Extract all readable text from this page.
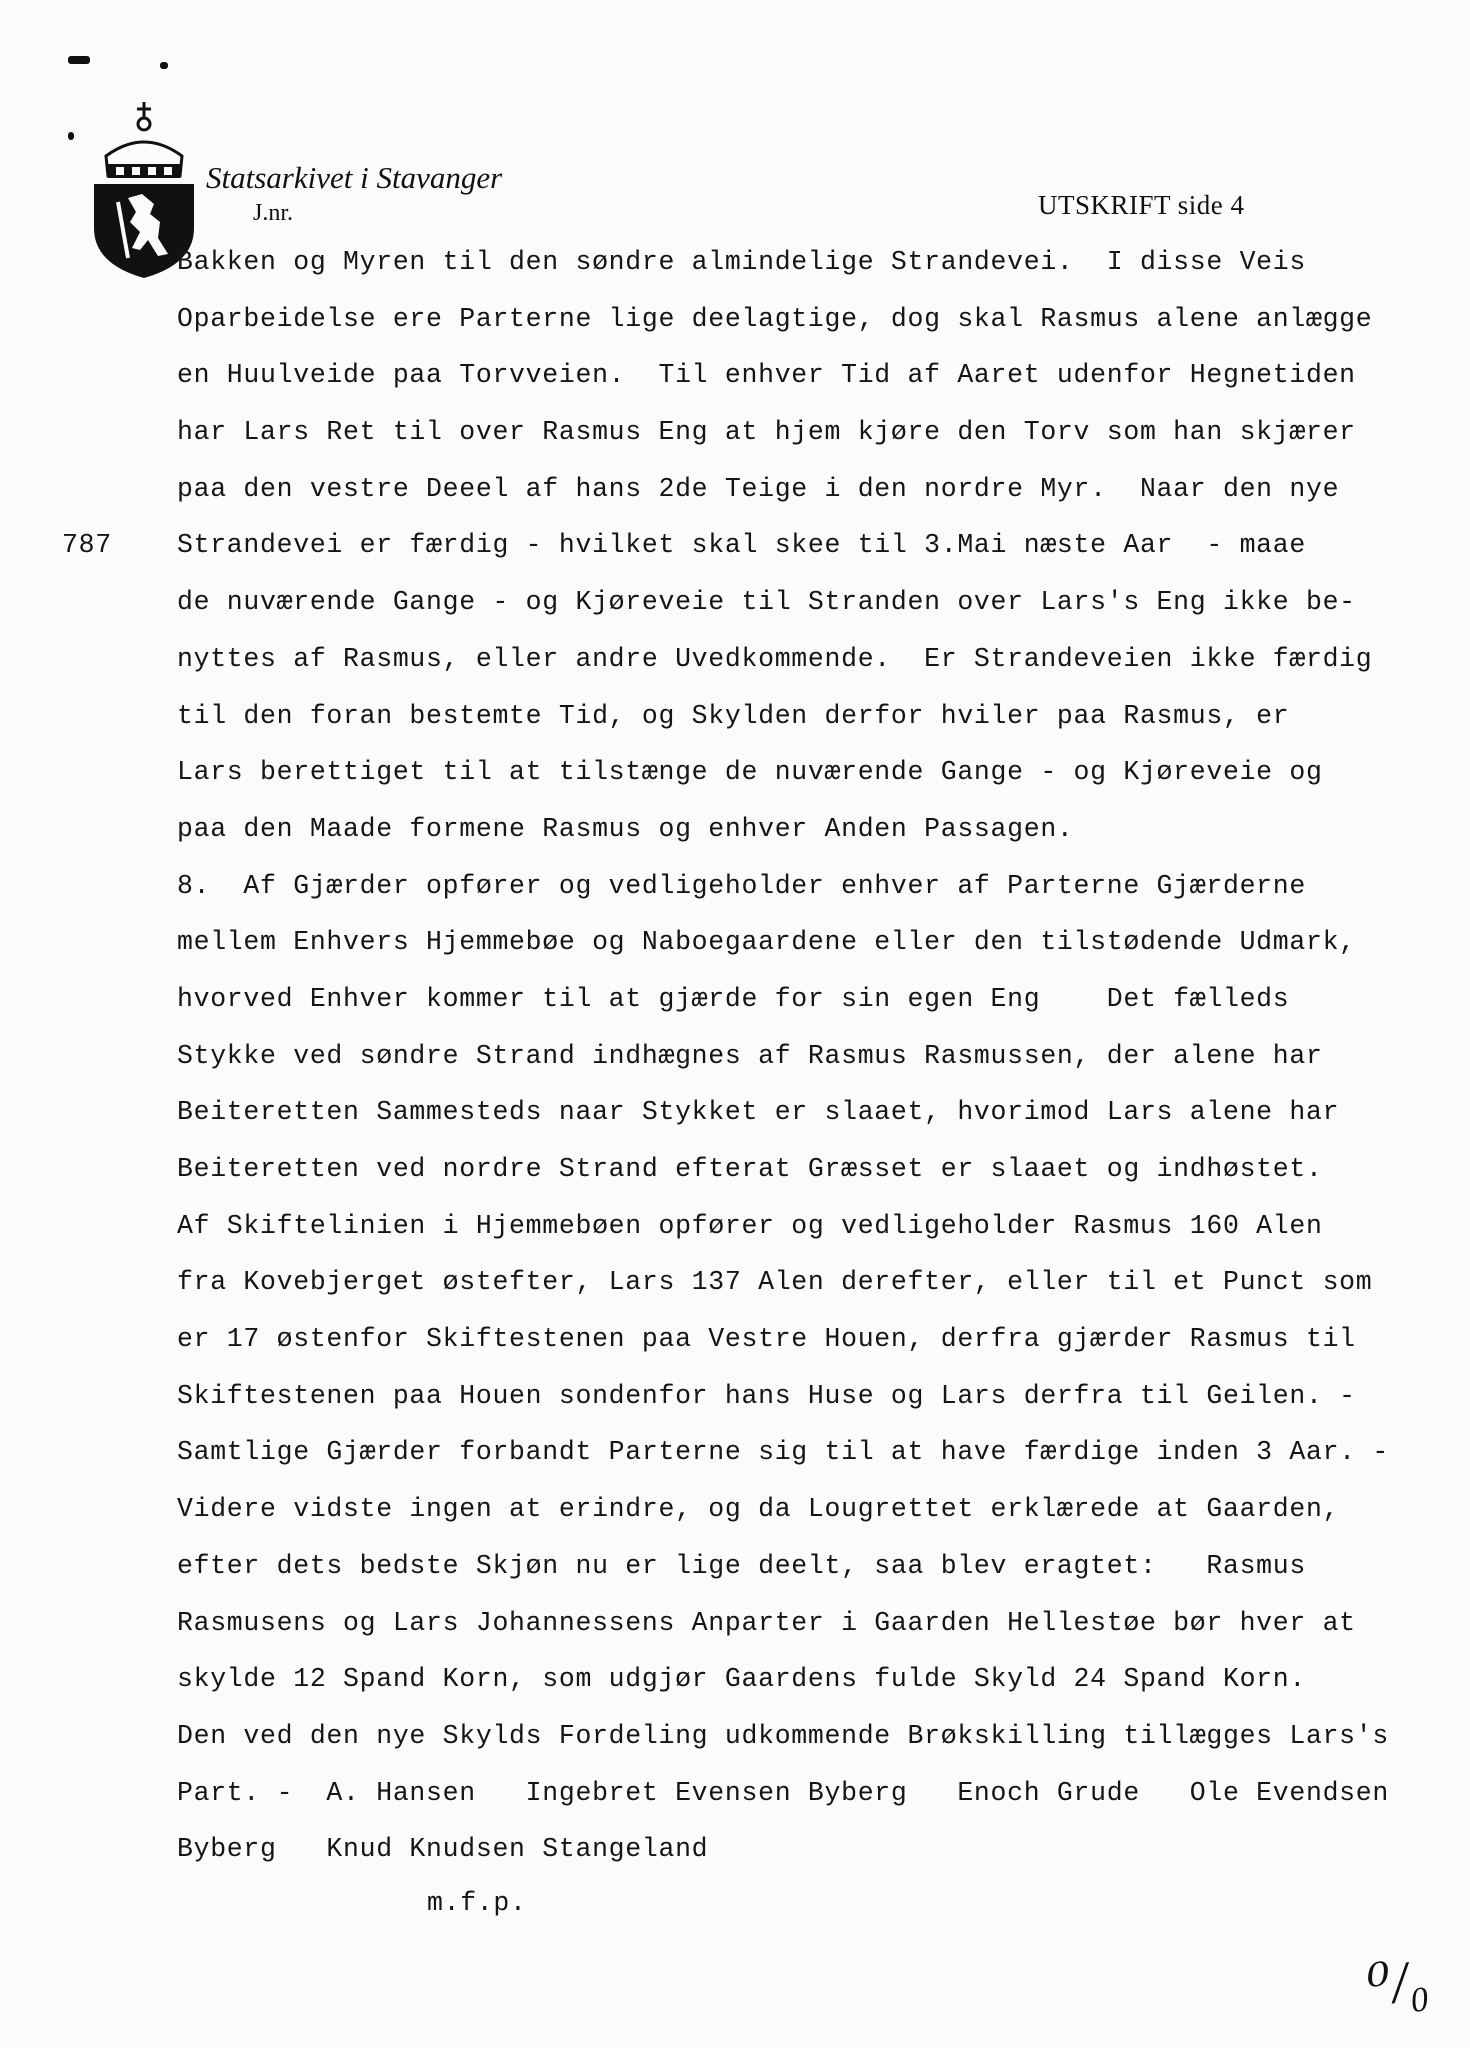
Statsarkivet i Stavanger
J.nr.	UTSKRIFT side 4
Bakken og Myren til den søndre almindelige Strandevei.  I disse Veis
Oparbeidelse ere Parterne lige deelagtige, dog skal Rasmus alene anlægge
en Huulveide paa Torvveien.  Til enhver Tid af Aaret udenfor Hegnetiden
har Lars Ret til over Rasmus Eng at hjem kjøre den Torv som han skjærer
paa den vestre Deeel af hans 2de Teige i den nordre Myr.  Naar den nye
787 Strandevei er færdig - hvilket skal skee til 3.Mai næste Aar  - maae
de nuværende Gange - og Kjøreveie til Stranden over Lars's Eng ikke be-
nyttes af Rasmus, eller andre Uvedkommende.  Er Strandeveien ikke færdig
til den foran bestemte Tid, og Skylden derfor hviler paa Rasmus, er
Lars berettiget til at tilstænge de nuværende Gange - og Kjøreveie og
paa den Maade formene Rasmus og enhver Anden Passagen.
8.  Af Gjærder opfører og vedligeholder enhver af Parterne Gjærderne
mellem Enhvers Hjemmebøe og Naboegaardene eller den tilstødende Udmark,
hvorved Enhver kommer til at gjærde for sin egen Eng    Det fælleds
Stykke ved søndre Strand indhægnes af Rasmus Rasmussen, der alene har
Beiteretten Sammesteds naar Stykket er slaaet, hvorimod Lars alene har
Beiteretten ved nordre Strand efterat Græsset er slaaet og indhøstet.
Af Skiftelinien i Hjemmebøen opfører og vedligeholder Rasmus 160 Alen
fra Kovebjerget østefter, Lars 137 Alen derefter, eller til et Punct som
er 17 østenfor Skiftestenen paa Vestre Houen, derfra gjærder Rasmus til
Skiftestenen paa Houen sondenfor hans Huse og Lars derfra til Geilen. -
Samtlige Gjærder forbandt Parterne sig til at have færdige inden 3 Aar. -
Videre vidste ingen at erindre, og da Lougrettet erklærede at Gaarden,
efter dets bedste Skjøn nu er lige deelt, saa blev eragtet:   Rasmus
Rasmusens og Lars Johannessens Anparter i Gaarden Hellestøe bør hver at
skylde 12 Spand Korn, som udgjør Gaardens fulde Skyld 24 Spand Korn.
Den ved den nye Skylds Fordeling udkommende Brøkskilling tillægges Lars's
Part. -  A. Hansen   Ingebret Evensen Byberg   Enoch Grude   Ole Evendsen
Byberg   Knud Knudsen Stangeland
m.f.p.
⁰/₀
